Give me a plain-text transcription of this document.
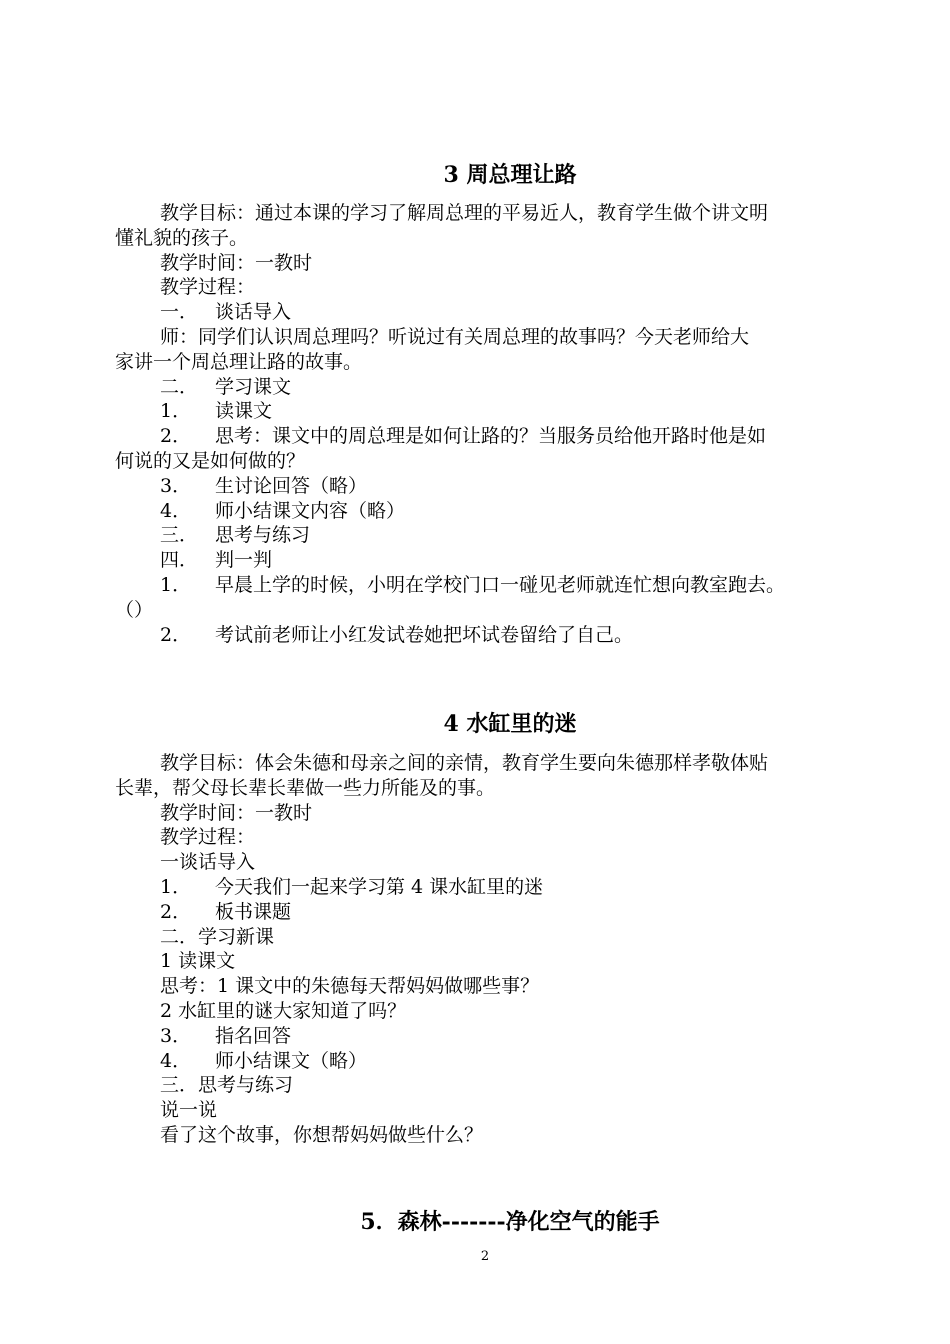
3 周总理让路
教学目标：通过本课的学习了解周总理的平易近人，教育学生做个讲文明
懂礼貌的孩子。
教学时间：一教时
教学过程：
一． 谈话导入
师：同学们认识周总理吗？听说过有关周总理的故事吗？今天老师给大
家讲一个周总理让路的故事。
二． 学习课文
1． 读课文
2． 思考：课文中的周总理是如何让路的？当服务员给他开路时他是如
何说的又是如何做的？
3． 生讨论回答（略）
4． 师小结课文内容（略）
三． 思考与练习
四． 判一判
1． 早晨上学的时候，小明在学校门口一碰见老师就连忙想向教室跑去。
（）
2． 考试前老师让小红发试卷她把坏试卷留给了自己。
4 水缸里的迷
教学目标：体会朱德和母亲之间的亲情，教育学生要向朱德那样孝敬体贴
长辈，帮父母长辈长辈做一些力所能及的事。
教学时间：一教时
教学过程：
一谈话导入
1． 今天我们一起来学习第 4 课水缸里的迷
2． 板书课题
二．学习新课
1 读课文
思考：1 课文中的朱德每天帮妈妈做哪些事？
2 水缸里的谜大家知道了吗？
3． 指名回答
4． 师小结课文（略）
三．思考与练习
说一说
看了这个故事，你想帮妈妈做些什么？
5．森林-------净化空气的能手
2
